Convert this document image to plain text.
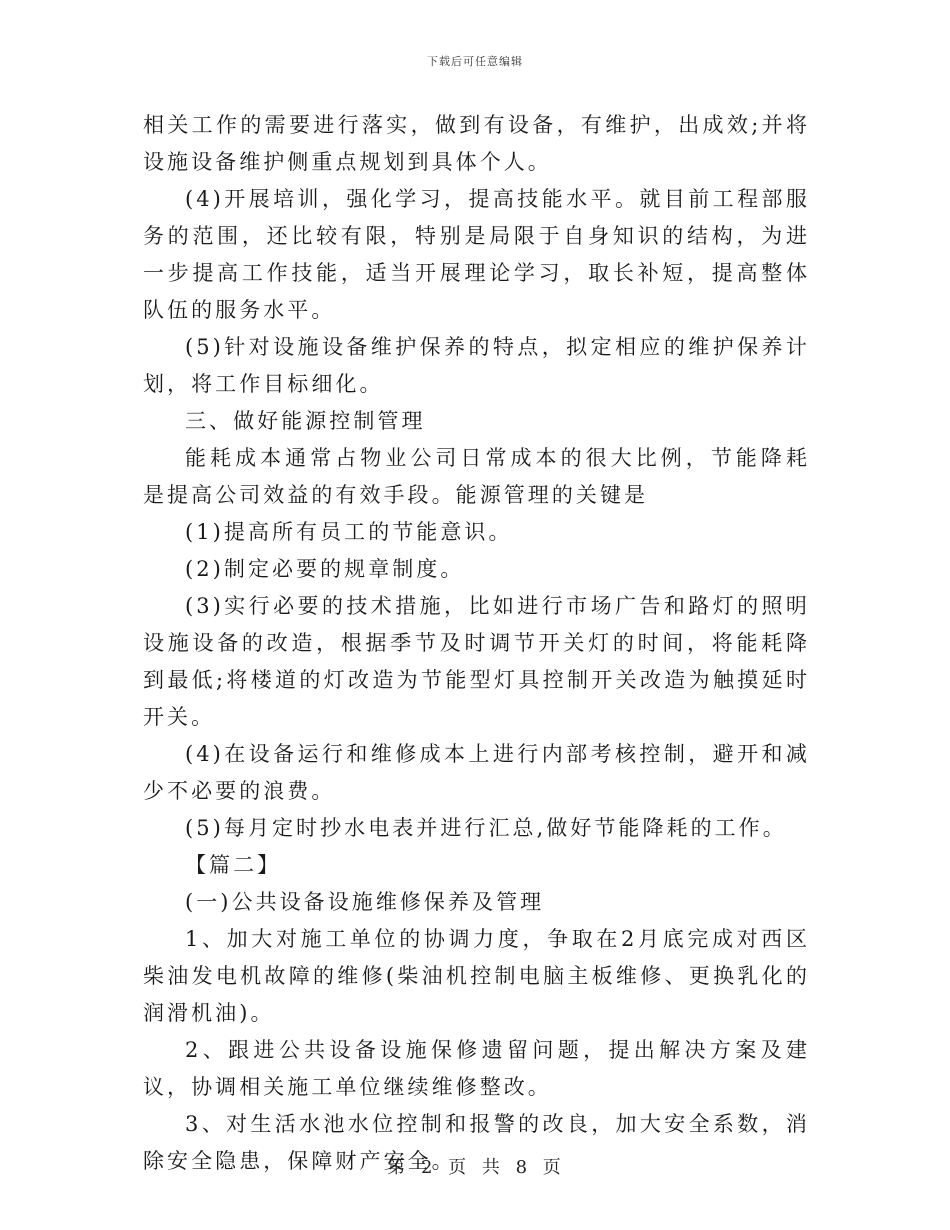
下载后可任意编辑

相关工作的需要进行落实，做到有设备，有维护，出成效;并将设施设备维护侧重点规划到具体个人。

(4)开展培训，强化学习，提高技能水平。就目前工程部服务的范围，还比较有限，特别是局限于自身知识的结构，为进一步提高工作技能，适当开展理论学习，取长补短，提高整体队伍的服务水平。

(5)针对设施设备维护保养的特点，拟定相应的维护保养计划，将工作目标细化。

三、做好能源控制管理

能耗成本通常占物业公司日常成本的很大比例，节能降耗是提高公司效益的有效手段。能源管理的关键是

(1)提高所有员工的节能意识。

(2)制定必要的规章制度。

(3)实行必要的技术措施，比如进行市场广告和路灯的照明设施设备的改造，根据季节及时调节开关灯的时间，将能耗降到最低;将楼道的灯改造为节能型灯具控制开关改造为触摸延时开关。

(4)在设备运行和维修成本上进行内部考核控制，避开和减少不必要的浪费。

(5)每月定时抄水电表并进行汇总,做好节能降耗的工作。

【篇二】

(一)公共设备设施维修保养及管理

1、加大对施工单位的协调力度，争取在2月底完成对西区柴油发电机故障的维修(柴油机控制电脑主板维修、更换乳化的润滑机油)。

2、跟进公共设备设施保修遗留问题，提出解决方案及建议，协调相关施工单位继续维修整改。

3、对生活水池水位控制和报警的改良，加大安全系数，消除安全隐患，保障财产安全。

第 2 页 共 8 页
